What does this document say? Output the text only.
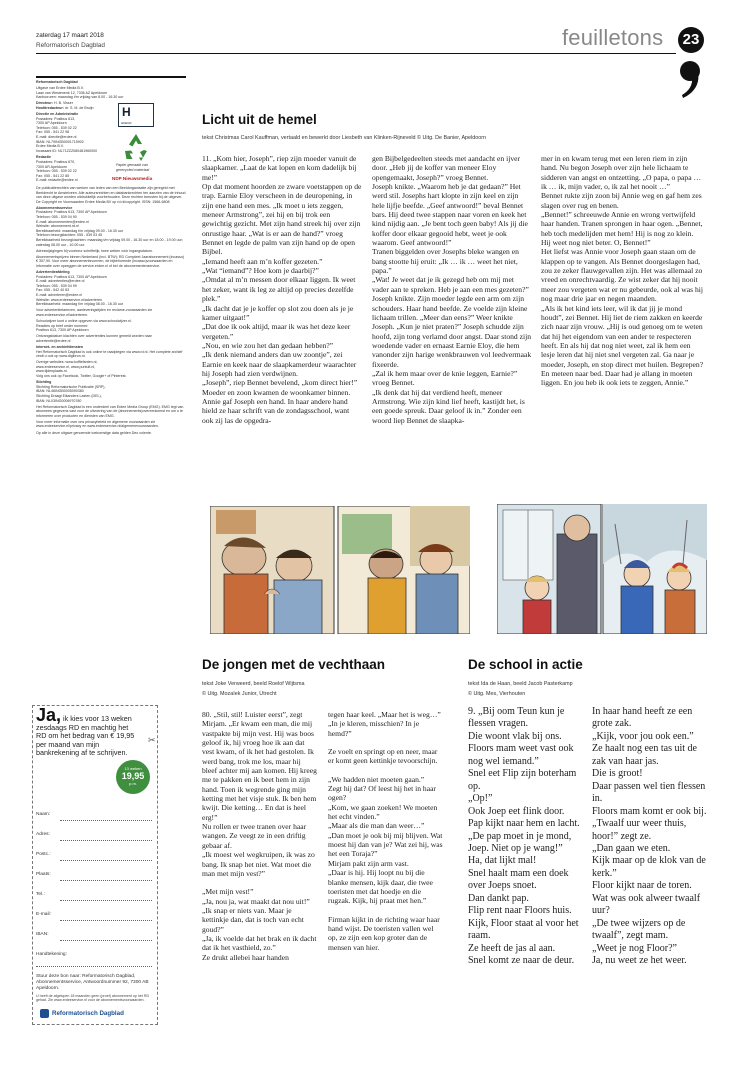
zaterdag 17 maart 2018
Reformatorisch Dagblad	feuilletons	23

Reformatorisch Dagblad

Uitgave van Erdee Media B.V.

Laan van Westenenk 12, 7336 AZ Apeldoorn

Kantooruren: maandag t/m vrijdag van 8.00 - 16.30 uur

Directeur: H. B. Visser

Hoofdredacteur: dr. S. M. de Bruijn

Directie en Administratie

Postadres: Postbus 613,
7300 AP Apeldoorn
Telefoon: 055 - 539 02 22
Fax: 055 - 541 22 98
E-mail: directie@erdee.nl
IBAN: NL79INGB0001715902
Erdee Media B.V.
Incassant ID: NL71ZZZ080481960000

Redactie

Postadres: Postbus 670,
7300 AR Apeldoorn
Telefoon: 055 - 539 02 22
Fax: 055 - 541 22 85
E-mail: redactie@erdee.nl
H
HKEUR
Papier gemaakt van gerecycled materiaal
NDP Nieuwsmedia

De publicatierechten van werken van leden van een Beeldorganisatie zijn geregeld met Beeldrecht te Amstelveen. Alle auteursrechten en databankrechten ten aanzien van de inhoud van deze uitgave worden uitdrukkelijk voorbehouden. Deze rechten berusten bij de uitgever. De Copyright en Voorwaarden Erdee Media BV op rd.nl/copyright. ISSN: 1566-6808

Abonnementsservice

Postadres: Postbus 613, 7300 AP Apeldoorn
Telefoon: 055 - 539 04 90
E-mail: abonnementen@erdee.nl
Website: abonnement.rd.nl
Bereikbaarheid: maandag t/m vrijdag 09.00 - 16.30 uur
Telefoon bezorgklachten: 055 - 539 03 45

Bereikbaarheid bezorgklachten: maandag t/m vrijdag 09.00 - 16.30 uur en 18.00 - 19.00 uur; zaterdag 08.00 uur - 10.00 uur

Adreswijzigingen bij voorkeur schriftelijk, twee weken vóór ingangsdatum.

Abonnementsprijzen binnen Nederland (incl. BTW): RD Compleet Jaarabonnement (incasso) € 357,90. Voor meer abonnementsvormen, de bijbehorende (incasso)voorwaarden en informatie over opzeggen de service.erdee.nl of bel de abonnementenservice.

Advertentieafdeling

Postadres: Postbus 613, 7300 AP Apeldoorn
E-mail: advertenties@erdee.nl
Telefoon: 055 - 539 04 99
Fax: 055 - 542 40 83
E-mail: adverteren@erdee.nl
Website: www.erdeeservice.nl/adverteren

Bereikbaarheid: maandag t/m vrijdag 08.00 - 16.30 uur

Voor advertentietarieven, aanleveringstijden en reclame-voorwaarden zie www.erdeeservice.nl/adverteren.

Schoolwijzer kunt u online opgeven via www.schoolwijzer.nl.
Reacties op brief onder nummer:

Postbus 613, 7300 AP Apeldoorn

Ontvangstdatum klachten over advertenties kunnen gemeld worden naar advertentie@erdee.nl

Internet- en archiefdiensten

Het Reformatorisch Dagblad is ook online te raadplegen via www.rd.nl. Het complete archief vindt u ook op www.digibron.nl.

Overige websites: www.koffiefanten.nl,
www.erdeeservice.nl, www.puntuit.nl,
www.tijdenplaats.nl.

Volg ons ook op Facebook, Twitter, Google+ of Pinterest.

Stichting

Stichting Reformatorische Publicatie (SRP),
IBAN: NL46INGB0005090380
Stichting Draagt Elkanders Lasten (DEL),

IBAN: NL03ING0006970780

Het Reformatorisch Dagblad is een onderdeel van Erdee Media Group (EMG). EMG legt van abonnees gegevens vast voor de uitvoering van de (abonnements)overeenkomst en om u te informeren over producten en diensten van EMG.

Voor meer informatie over ons privacybeleid en algemene voorwaarden zie www.erdeeservice.nl/privacy en www.erdeeservice.nl/algemenevoorwaarden.

Op alle in deze uitgave genoemde toekomstige data gelden Deo volente.

Ja, ik kies voor 13 weken zesdaags RD en machtig het RD om het bedrag van € 19,95 per maand van mijn bankrekening af te schrijven.
13 weken
19,95
p.m.
✂
Naam:
Adres:
Postc.:
Plaats:
Tel.:
E-mail:
IBAN:
Handtekening:
Stuur deze bon naar: Reformatorisch Dagblad, Abonnementsservice, Antwoordnummer 92, 7300 AB Apeldoorn.
U heeft de afgelopen 18 maanden geen (proef) abonnement op het RD gehad. Zie www.erdeeservice.nl voor de abonnementsvoorwaarden.
Reformatorisch Dagblad
Licht uit de hemel
tekst Christmas Carol Kauffman, vertaald en bewerkt door Liesbeth van Klinken-Rijneveld © Uitg. De Banier, Apeldoorn

11. „Kom hier, Joseph”, riep zijn moeder vanuit de slaapkamer. „Laat de kat lopen en kom dadelijk bij me!”

Op dat moment hoorden ze zware voetstappen op de trap. Earnie Eloy verscheen in de deuropening, in zijn ene hand een mes. „Ik moet u iets zeggen, meneer Armstrong”, zei hij en bij trok een gewichtig gezicht. Met zijn hand streek hij over zijn onrustige haar. „Wat is er aan de hand?” vroeg Bennet en legde de palm van zijn hand op de open Bijbel.

„Iemand heeft aan m’n koffer gezeten.”

„Wat “iemand”? Hoe kom je daarbij?”

„Omdat al m’n messen door elkaar liggen. Ik weet het zeker, want ik leg ze altijd op precies dezelfde plek.”

„Ik dacht dat je je koffer op slot zou doen als je je kamer uitgaat!”

„Dat doe ik ook altijd, maar ik was het deze keer vergeten.”

„Nou, en wie zou het dan gedaan hebben?”

„Ik denk niemand anders dan uw zoontje”, zei Earnie en keek naar de slaapkamerdeur waarachter hij Joseph had zien verdwijnen.

„Joseph”, riep Bennet bevelend, „kom direct hier!”

Moeder en zoon kwamen de woonkamer binnen. Annie gaf Joseph een hand. In haar andere hand hield ze haar schrift van de zondagsschool, want ook zij las de opgedra-

gen Bijbelgedeelten steeds met aandacht en ijver door. „Heb jij de koffer van meneer Eloy opengemaakt, Joseph?” vroeg Bennet.

Joseph knikte. „Waarom heb je dat gedaan?” Het werd stil. Josephs hart klopte in zijn keel en zijn hele lijfje beefde. „Geef antwoord!” beval Bennet bars. Hij deed twee stappen naar voren en keek het kind nijdig aan. „Je bent toch geen baby! Als jij die koffer door elkaar gegooid hebt, weet je ook waarom. Geef antwoord!”

Tranen biggelden over Josephs bleke wangen en bang stootte hij eruit: „Ik … ik … weet het niet, papa.”

„Wat! Je weet dat je ik gezegd heb om mij met vader aan te spreken. Heb je aan een mes gezeten?” Joseph knikte. Zijn moeder legde een arm om zijn schouders. Haar hand beefde. Ze voelde zijn kleine lichaam trillen. „Meer dan eens?” Weer knikte Joseph. „Kun je niet praten?” Joseph schudde zijn hoofd, zijn tong verlamd door angst. Daar stond zijn woedende vader en ernaast Earnie Eloy, die hem vanonder zijn harige wenkbrauwen vol leedvermaak fixeerde.

„Zal ik hem maar over de knie leggen, Earnie?” vroeg Bennet.

„Ik denk dat hij dat verdiend heeft, meneer Armstrong. Wie zijn kind lief heeft, kastijdt het, is een goede spreuk. Daar geloof ik in.” Zonder een woord liep Bennet de slaapka-

mer in en kwam terug met een leren riem in zijn hand. Nu begon Joseph over zijn hele lichaam te sidderen van angst en ontzetting. „O papa, o papa … ik … ik, mijn vader, o, ik zal het nooit …”

Bennet rukte zijn zoon bij Annie weg en gaf hem zes slagen over rug en benen.

„Bennet!” schreeuwde Annie en wrong vertwijfeld haar handen. Tranen sprongen in haar ogen. „Bennet, heb toch medelijden met hem! Hij is nog zo klein. Hij weet nog niet beter. O, Bennet!”

Het liefst was Annie voor Joseph gaan staan om de klappen op te vangen. Als Bennet doorgeslagen had, zou ze zeker flauwgevallen zijn. Het was allemaal zo vreed en onrechtvaardig. Ze wist zeker dat hij nooit meer zou vergeten wat er nu gebeurde, ook al was hij nog maar drie jaar en negen maanden.

„Als ik het kind iets leer, wil ik dat jij je mond houdt”, zei Bennet. Hij liet de riem zakken en keerde zich naar zijn vrouw. „Hij is oud genoeg om te weten dat hij het eigendom van een ander te respecteren heeft. En als hij dat nog niet weet, zal ik hem een lesje leren dat hij niet snel vergeten zal. Ga naar je moeder, Joseph, en stop direct met huilen. Begrepen? En meteen naar bed. Daar had je allang in moeten liggen. En jou heb ik ook iets te zeggen, Annie.”

De jongen met de vechthaan
tekst Joke Verweerd, beeld Roelof Wijtsma
© Uitg. Mozaïek Junior, Utrecht

80. „Stil, stil! Luister eerst”, zegt Mirjam. „Er kwam een man, die mij vastpakte bij mijn vest. Hij was boos geloof ik, hij vroeg hoe ik aan dat vest kwam, of ik het had gestolen. Ik werd bang, trok me los, maar hij bleef achter mij aan komen. Hij kreeg me te pakken en ik beet hem in zijn hand. Toen ik wegrende ging mijn ketting met het visje stuk. Ik ben hem kwijt. Die ketting… En dat is heel erg!”

Nu rollen er twee tranen over haar wangen. Ze veegt ze in een driftig gebaar af.

„Ik moest wel wegkruipen, ik was zo bang. Ik snap het niet. Wat moet die man met mijn vest?”

„Met mijn vest!”

„Ja, nou ja, wat maakt dat nou uit!”

„Ik snap er niets van. Maar je kettinkje dan, dat is toch van echt goud?”

„Ja, ik voelde dat het brak en ik dacht dat ik het vasthield, zo.”

Ze drukt allebei haar handen

tegen haar keel. „Maar het is weg…”

„In je kleren, misschien? In je hemd?”

Ze voelt en springt op en neer, maar er komt geen kettinkje tevoorschijn.

„We hadden niet moeten gaan.”

Zegt hij dat? Of leest hij het in haar ogen?

„Kom, we gaan zoeken! We moeten het echt vinden.”

„Maar als die man dan weer…”

„Dan moet je ook bij mij blijven. Wat moest hij dan van je? Wat zei hij, was het een Toraja?”

Mirjam pakt zijn arm vast.

„Daar is hij. Hij loopt nu bij die blanke mensen, kijk daar, die twee toeristen met dat hoedje en die rugzak. Kijk, hij praat met hen.”

Firman kijkt in de richting waar haar hand wijst. De toeristen vallen wel op, ze zijn een kop groter dan de mensen van hier.

De school in actie
tekst Ida de Haan, beeld Jacob Pasterkamp
© Uitg. Mes, Vierhouten

9. „Bij oom Teun kun je flessen vragen.

Die woont vlak bij ons. Floors mam weet vast ook nog wel iemand.”

Snel eet Flip zijn boterham op.

„Op!”

Ook Joep eet flink door.

Pap kijkt naar hem en lacht.

„De pap moet in je mond, Joep. Niet op je wang!”

Ha, dat lijkt mal!

Snel haalt mam een doek over Joeps snoet.

Dan dankt pap.

Flip rent naar Floors huis.

Kijk, Floor staat al voor het raam.

Ze heeft de jas al aan.

Snel komt ze naar de deur.

In haar hand heeft ze een grote zak.

„Kijk, voor jou ook een.”

Ze haalt nog een tas uit de zak van haar jas.

Die is groot!

Daar passen wel tien flessen in.

Floors mam komt er ook bij.

„Twaalf uur weer thuis, hoor!” zegt ze.

„Dan gaan we eten.

Kijk maar op de klok van de kerk.”

Floor kijkt naar de toren.

Wat was ook alweer twaalf uur?

„De twee wijzers op de twaalf”, zegt mam.

„Weet je nog Floor?”

Ja, nu weet ze het weer.
